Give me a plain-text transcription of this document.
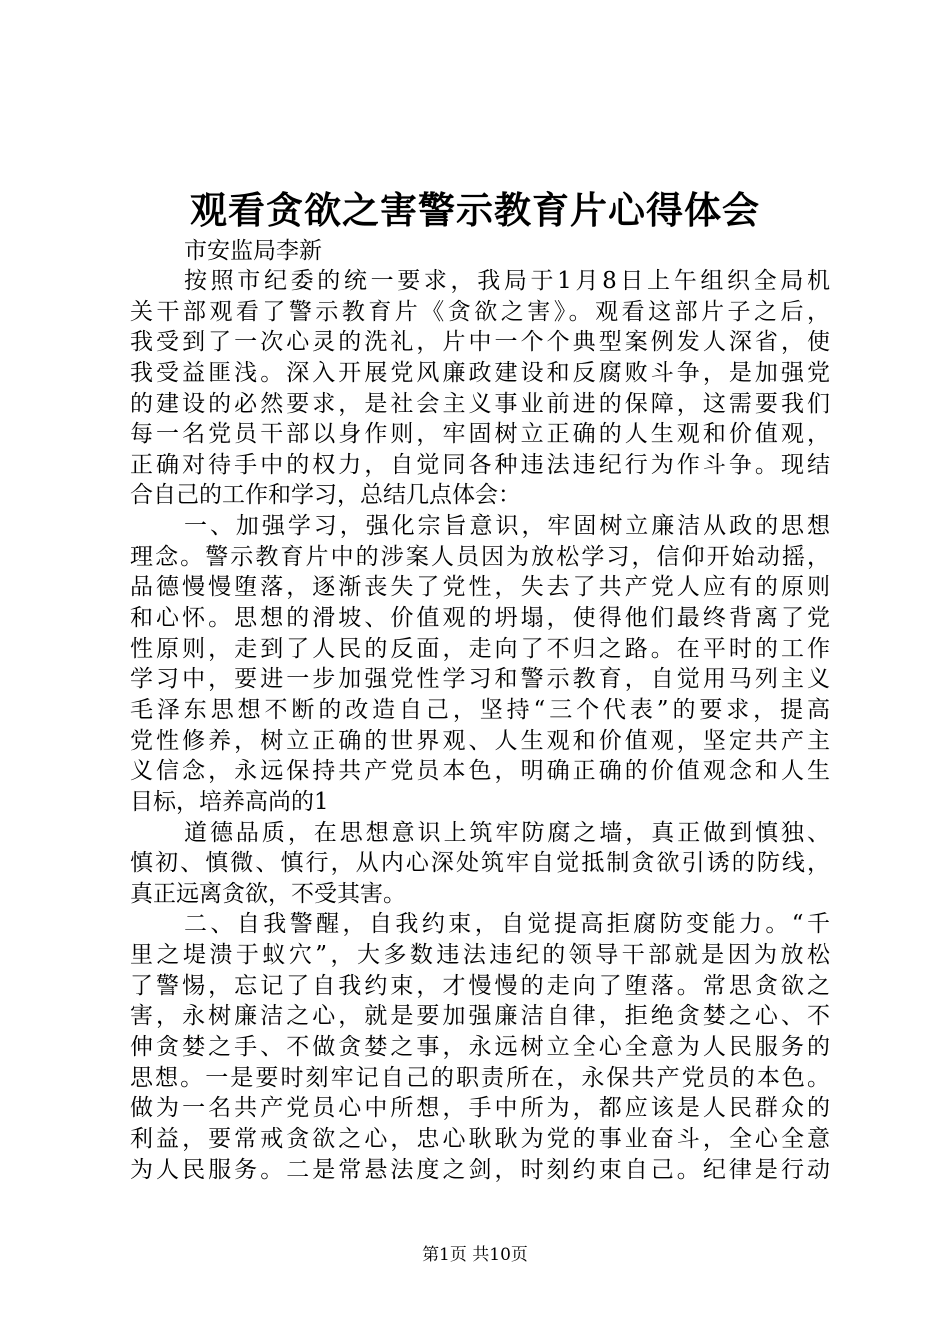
观看贪欲之害警示教育片心得体会

市安监局李新

按照市纪委的统一要求，我局于1月8日上午组织全局机
关干部观看了警示教育片《贪欲之害》。观看这部片子之后，
我受到了一次心灵的洗礼，片中一个个典型案例发人深省，使
我受益匪浅。深入开展党风廉政建设和反腐败斗争，是加强党
的建设的必然要求，是社会主义事业前进的保障，这需要我们
每一名党员干部以身作则，牢固树立正确的人生观和价值观，
正确对待手中的权力，自觉同各种违法违纪行为作斗争。现结
合自己的工作和学习，总结几点体会：
一、加强学习，强化宗旨意识，牢固树立廉洁从政的思想
理念。警示教育片中的涉案人员因为放松学习，信仰开始动摇，
品德慢慢堕落，逐渐丧失了党性，失去了共产党人应有的原则
和心怀。思想的滑坡、价值观的坍塌，使得他们最终背离了党
性原则，走到了人民的反面，走向了不归之路。在平时的工作
学习中，要进一步加强党性学习和警示教育，自觉用马列主义
毛泽东思想不断的改造自己，坚持“三个代表”的要求，提高
党性修养，树立正确的世界观、人生观和价值观，坚定共产主
义信念，永远保持共产党员本色，明确正确的价值观念和人生
目标，培养高尚的1
道德品质，在思想意识上筑牢防腐之墙，真正做到慎独、
慎初、慎微、慎行，从内心深处筑牢自觉抵制贪欲引诱的防线，
真正远离贪欲，不受其害。
二、自我警醒，自我约束，自觉提高拒腐防变能力。“千
里之堤溃于蚁穴”，大多数违法违纪的领导干部就是因为放松
了警惕，忘记了自我约束，才慢慢的走向了堕落。常思贪欲之
害，永树廉洁之心，就是要加强廉洁自律，拒绝贪婪之心、不
伸贪婪之手、不做贪婪之事，永远树立全心全意为人民服务的
思想。一是要时刻牢记自己的职责所在，永保共产党员的本色。
做为一名共产党员心中所想，手中所为，都应该是人民群众的
利益，要常戒贪欲之心，忠心耿耿为党的事业奋斗，全心全意
为人民服务。二是常悬法度之剑，时刻约束自己。纪律是行动

第1页 共10页
